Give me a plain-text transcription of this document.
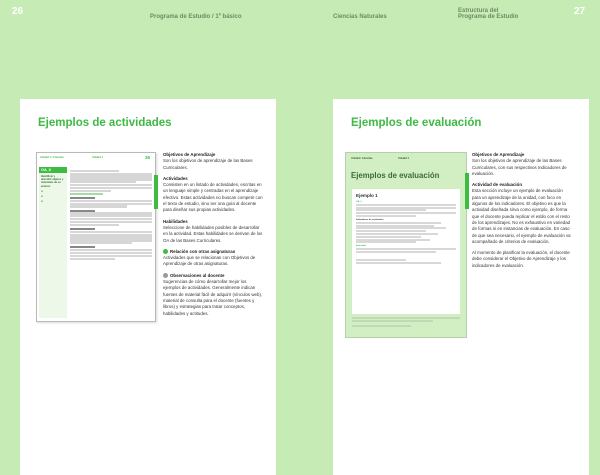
26	Programa de Estudio / 1º básico	Ciencias Naturales
Estructura del
Programa de Estudio	27
Ejemplos de actividades
Unidad 1 / Ciencias	Unidad 1	35
OA_6
Identificar y describir objetos y materiales de su entorno
IE
IE
IE
Objetivos de Aprendizaje
Son los objetivos de aprendizaje de las Bases Curriculares.
Actividades
Consisten en un listado de actividades, escritas en un lenguaje simple y centradas en el aprendizaje efectivo. Estas actividades no buscan competir con el texto de estudio, sino ser una guía al docente para diseñar sus propias actividades.
Habilidades
Seleccione de habilidades posibles de desarrollar en la actividad. Estas habilidades se derivan de los OA de las Bases Curriculares.
Relación con otras asignaturas
Actividades que se relacionan con Objetivos de Aprendizaje de otras asignaturas.
Observaciones al docente
Sugerencias de cómo desarrollar mejor los ejemplos de actividades. Generalmente indican fuentes de material fácil de adquirir (vínculos web), material de consulta para el docente (fuentes y libros) y estrategias para tratar conceptos, habilidades y actitudes.
Ejemplos de evaluación
Unidad / Ciencias	Unidad 1
Ejemplos de evaluación
Ejemplo 1
OA_2
Indicadores de evaluación
Actividad
Objetivos de Aprendizaje
Son los objetivos de aprendizaje de las Bases Curriculares, con sus respectivos Indicadores de evaluación.
Actividad de evaluación
Esta sección incluye un ejemplo de evaluación para un aprendizaje de la unidad, con foco en algunos de los indicadores. El objetivo es que la actividad diseñada sirva como ejemplo, de forma que el docente pueda replicar el estilo con el resto de los aprendizajes. No es exhaustivo en variedad de formas ni en instancias de evaluación. En caso de que sea necesario, el ejemplo de evaluación va acompañado de criterios de evaluación.
Al momento de planificar la evaluación, el docente debe considerar el Objetivo de Aprendizaje y los indicadores de evaluación.
